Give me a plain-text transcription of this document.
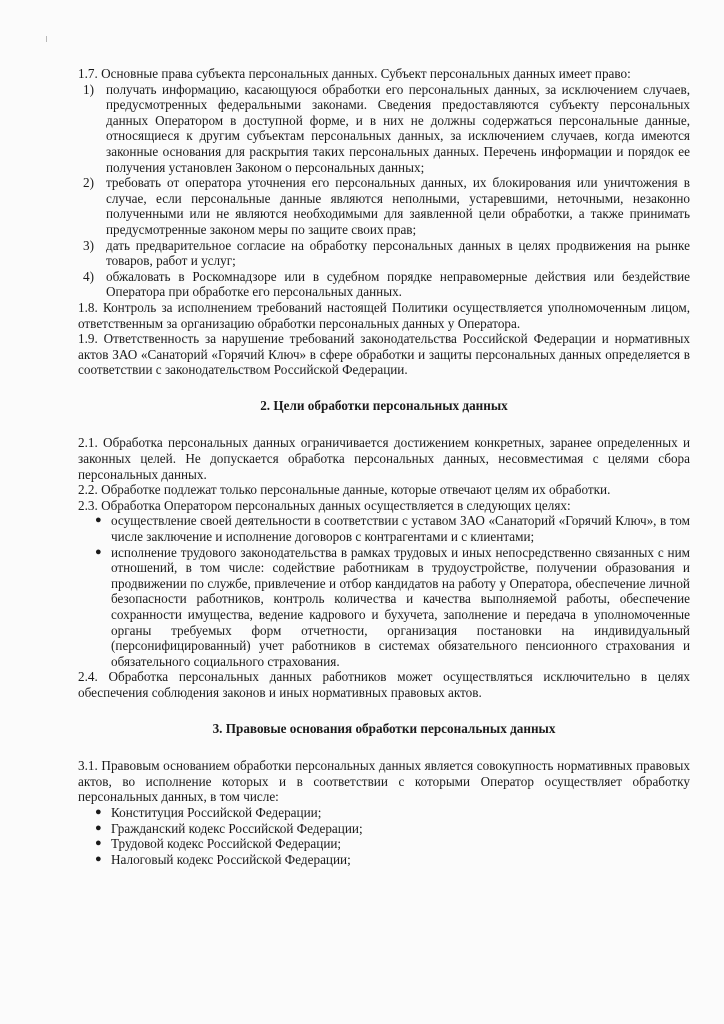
1.7. Основные права субъекта персональных данных. Субъект персональных данных имеет право:

1) получать информацию, касающуюся обработки его персональных данных, за исключением случаев, предусмотренных федеральными законами. Сведения предоставляются субъекту персональных данных Оператором в доступной форме, и в них не должны содержаться персональные данные, относящиеся к другим субъектам персональных данных, за исключением случаев, когда имеются законные основания для раскрытия таких персональных данных. Перечень информации и порядок ее получения установлен Законом о персональных данных;
2) требовать от оператора уточнения его персональных данных, их блокирования или уничтожения в случае, если персональные данные являются неполными, устаревшими, неточными, незаконно полученными или не являются необходимыми для заявленной цели обработки, а также принимать предусмотренные законом меры по защите своих прав;
3) дать предварительное согласие на обработку персональных данных в целях продвижения на рынке товаров, работ и услуг;
4) обжаловать в Роскомнадзоре или в судебном порядке неправомерные действия или бездействие Оператора при обработке его персональных данных.

1.8. Контроль за исполнением требований настоящей Политики осуществляется уполномоченным лицом, ответственным за организацию обработки персональных данных у Оператора.

1.9. Ответственность за нарушение требований законодательства Российской Федерации и нормативных актов ЗАО «Санаторий «Горячий Ключ» в сфере обработки и защиты персональных данных определяется в соответствии с законодательством Российской Федерации.

2. Цели обработки персональных данных

2.1. Обработка персональных данных ограничивается достижением конкретных, заранее определенных и законных целей. Не допускается обработка персональных данных, несовместимая с целями сбора персональных данных.

2.2. Обработке подлежат только персональные данные, которые отвечают целям их обработки.

2.3. Обработка Оператором персональных данных осуществляется в следующих целях:

● осуществление своей деятельности в соответствии с уставом ЗАО «Санаторий «Горячий Ключ», в том числе заключение и исполнение договоров с контрагентами и с клиентами;
● исполнение трудового законодательства в рамках трудовых и иных непосредственно связанных с ним отношений, в том числе: содействие работникам в трудоустройстве, получении образования и продвижении по службе, привлечение и отбор кандидатов на работу у Оператора, обеспечение личной безопасности работников, контроль количества и качества выполняемой работы, обеспечение сохранности имущества, ведение кадрового и бухучета, заполнение и передача в уполномоченные органы требуемых форм отчетности, организация постановки на индивидуальный (персонифицированный) учет работников в системах обязательного пенсионного страхования и обязательного социального страхования.

2.4. Обработка персональных данных работников может осуществляться исключительно в целях обеспечения соблюдения законов и иных нормативных правовых актов.

3. Правовые основания обработки персональных данных

3.1. Правовым основанием обработки персональных данных является совокупность нормативных правовых актов, во исполнение которых и в соответствии с которыми Оператор осуществляет обработку персональных данных, в том числе:

● Конституция Российской Федерации;
● Гражданский кодекс Российской Федерации;
● Трудовой кодекс Российской Федерации;
● Налоговый кодекс Российской Федерации;
